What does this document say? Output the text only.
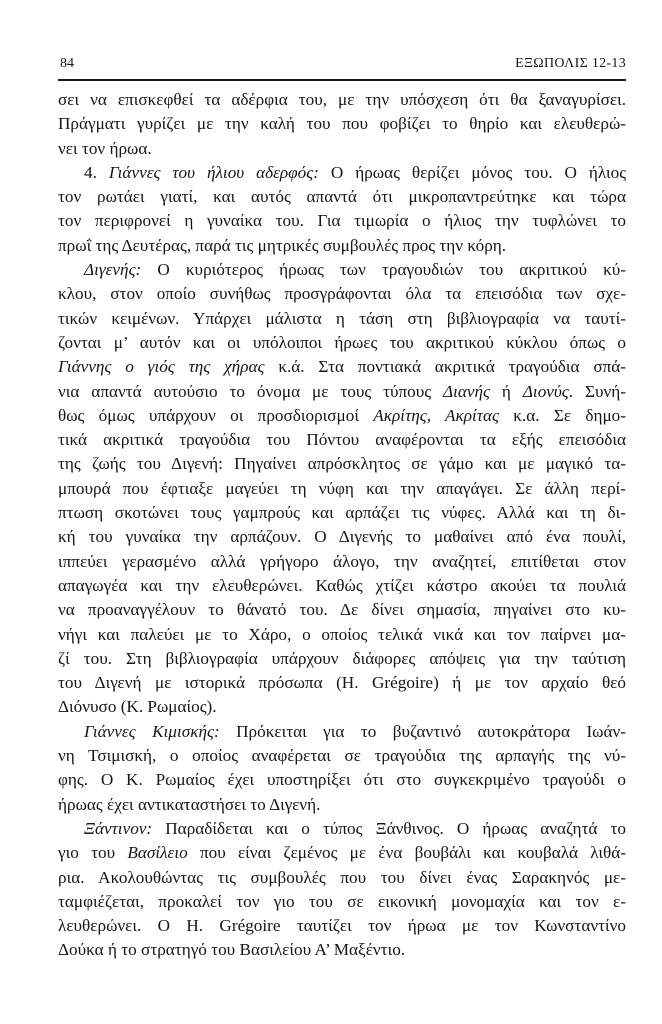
84	ΕΞΩΠΟΛΙΣ 12-13
σει να επισκεφθεί τα αδέρφια του, με την υπόσχεση ότι θα ξαναγυρίσει.
Πράγματι γυρίζει με την καλή του που φοβίζει το θηρίο και ελευθερώ-
νει τον ήρωα.
4. Γιάννες του ήλιου αδερφός: Ο ήρωας θερίζει μόνος του. Ο ήλιος
τον ρωτάει γιατί, και αυτός απαντά ότι μικροπαντρεύτηκε και τώρα
τον περιφρονεί η γυναίκα του. Για τιμωρία ο ήλιος την τυφλώνει το
πρωΐ της Δευτέρας, παρά τις μητρικές συμβουλές προς την κόρη.
Διγενής: Ο κυριότερος ήρωας των τραγουδιών του ακριτικού κύ-
κλου, στον οποίο συνήθως προσγράφονται όλα τα επεισόδια των σχε-
τικών κειμένων. Υπάρχει μάλιστα η τάση στη βιβλιογραφία να ταυτί-
ζονται μ’ αυτόν και οι υπόλοιποι ήρωες του ακριτικού κύκλου όπως ο
Γιάννης ο γιός της χήρας κ.ά. Στα ποντιακά ακριτικά τραγούδια σπά-
νια απαντά αυτούσιο το όνομα με τους τύπους Διανής ή Διονύς. Συνή-
θως όμως υπάρχουν οι προσδιορισμοί Ακρίτης, Ακρίτας κ.α. Σε δημο-
τικά ακριτικά τραγούδια του Πόντου αναφέρονται τα εξής επεισόδια
της ζωής του Διγενή: Πηγαίνει απρόσκλητος σε γάμο και με μαγικό τα-
μπουρά που έφτιαξε μαγεύει τη νύφη και την απαγάγει. Σε άλλη περί-
πτωση σκοτώνει τους γαμπρούς και αρπάζει τις νύφες. Αλλά και τη δι-
κή του γυναίκα την αρπάζουν. Ο Διγενής το μαθαίνει από ένα πουλί,
ιππεύει γερασμένο αλλά γρήγορο άλογο, την αναζητεί, επιτίθεται στον
απαγωγέα και την ελευθερώνει. Καθώς χτίζει κάστρο ακούει τα πουλιά
να προαναγγέλουν το θάνατό του. Δε δίνει σημασία, πηγαίνει στο κυ-
νήγι και παλεύει με το Χάρο, ο οποίος τελικά νικά και τον παίρνει μα-
ζί του. Στη βιβλιογραφία υπάρχουν διάφορες απόψεις για την ταύτιση
του Διγενή με ιστορικά πρόσωπα (H. Grégoire) ή με τον αρχαίο θεό
Διόνυσο (Κ. Ρωμαίος).
Γιάννες Κιμισκής: Πρόκειται για το βυζαντινό αυτοκράτορα Ιωάν-
νη Τσιμισκή, ο οποίος αναφέρεται σε τραγούδια της αρπαγής της νύ-
φης. Ο Κ. Ρωμαίος έχει υποστηρίξει ότι στο συγκεκριμένο τραγούδι ο
ήρωας έχει αντικαταστήσει το Διγενή.
Ξάντινον: Παραδίδεται και ο τύπος Ξάνθινος. Ο ήρωας αναζητά το
γιο του Βασίλειο που είναι ζεμένος με ένα βουβάλι και κουβαλά λιθά-
ρια. Ακολουθώντας τις συμβουλές που του δίνει ένας Σαρακηνός με-
ταμφιέζεται, προκαλεί τον γιο του σε εικονική μονομαχία και τον ε-
λευθερώνει. Ο H. Grégoire ταυτίζει τον ήρωα με τον Κωνσταντίνο
Δούκα ή το στρατηγό του Βασιλείου Α’ Μαξέντιο.
